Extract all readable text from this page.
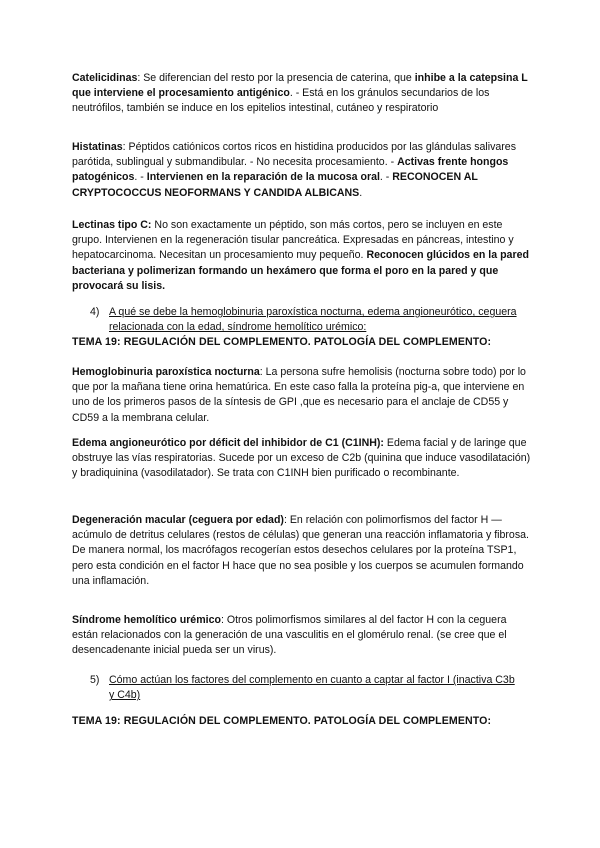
Catelicidinas: Se diferencian del resto por la presencia de caterina, que inhibe a la catepsina L que interviene el procesamiento antigénico. - Está en los gránulos secundarios de los neutrófilos, también se induce en los epitelios intestinal, cutáneo y respiratorio

Histatinas: Péptidos catiónicos cortos ricos en histidina producidos por las glándulas salivares parótida, sublingual y submandibular. - No necesita procesamiento. - Activas frente hongos patogénicos. - Intervienen en la reparación de la mucosa oral. - RECONOCEN AL CRYPTOCOCCUS NEOFORMANS Y CANDIDA ALBICANS.

Lectinas tipo C: No son exactamente un péptido, son más cortos, pero se incluyen en este grupo. Intervienen en la regeneración tisular pancreática. Expresadas en páncreas, intestino y hepatocarcinoma. Necesitan un procesamiento muy pequeño. Reconocen glúcidos en la pared bacteriana y polimerizan formando un hexámero que forma el poro en la pared y que provocará su lisis.

4) A qué se debe la hemoglobinuria paroxística nocturna, edema angioneurótico, ceguera relacionada con la edad, síndrome hemolítico urémico:

TEMA 19: REGULACIÓN DEL COMPLEMENTO. PATOLOGÍA DEL COMPLEMENTO:

Hemoglobinuria paroxística nocturna: La persona sufre hemolisis (nocturna sobre todo) por lo que por la mañana tiene orina hematúrica. En este caso falla la proteína pig-a, que interviene en uno de los primeros pasos de la síntesis de GPI ,que es necesario para el anclaje de CD55 y CD59 a la membrana celular.

Edema angioneurótico por déficit del inhibidor de C1 (C1INH): Edema facial y de laringe que obstruye las vías respiratorias. Sucede por un exceso de C2b (quinina que induce vasodilatación) y bradiquinina (vasodilatador). Se trata con C1INH bien purificado o recombinante.

Degeneración macular (ceguera por edad): En relación con polimorfismos del factor H — acúmulo de detritus celulares (restos de células) que generan una reacción inflamatoria y fibrosa.
De manera normal, los macrófagos recogerían estos desechos celulares por la proteína TSP1, pero esta condición en el factor H hace que no sea posible y los cuerpos se acumulen formando una inflamación.

Síndrome hemolítico urémico: Otros polimorfismos similares al del factor H con la ceguera están relacionados con la generación de una vasculitis en el glomérulo renal. (se cree que el desencadenante inicial pueda ser un virus).

5) Cómo actúan los factores del complemento en cuanto a captar al factor I (inactiva C3b y C4b)

TEMA 19: REGULACIÓN DEL COMPLEMENTO. PATOLOGÍA DEL COMPLEMENTO:
